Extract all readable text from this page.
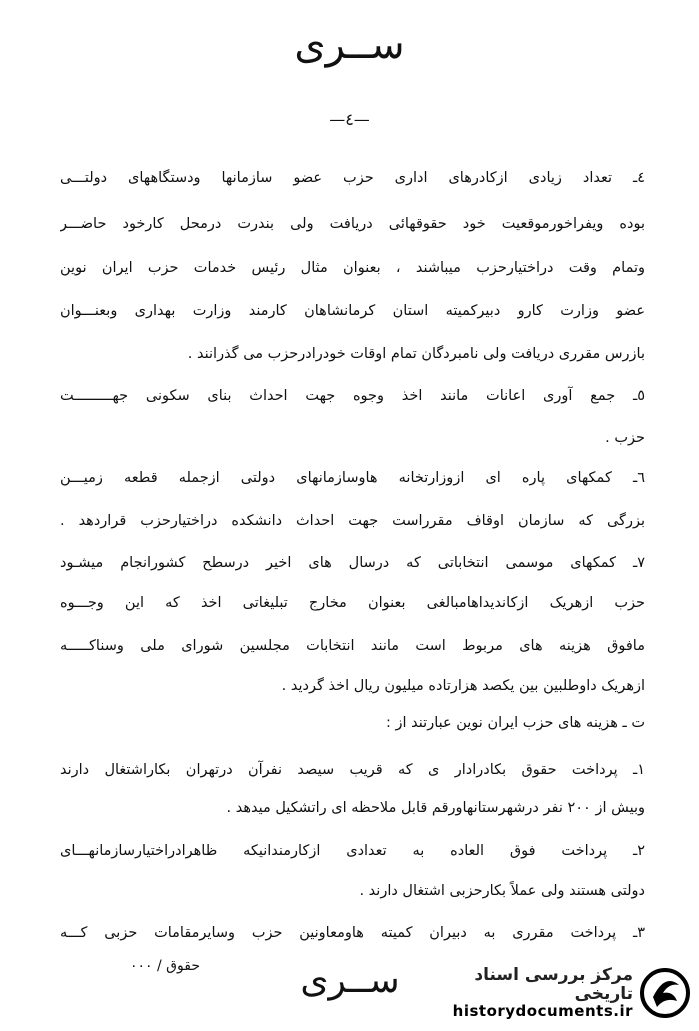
ســری
—٤—
٤ـ تعداد زیادی ازکادرهای اداری حزب عضو سازمانها ودستگاههای دولتـــی
بوده ویفراخورموقعیت خود حقوقهائی دریافت ولی بندرت درمحل کارخود حاضـــر
وتمام وقت دراختیارحزب میباشند ، بعنوان مثال رئیس خدمات حزب ایران نوین
عضو وزارت کارو دبیرکمیته استان کرمانشاهان کارمند وزارت بهداری وبعنـــوان
بازرس مقرری دریافت ولی نامبردگان تمام اوقات خودرادرحزب می گذرانند .
٥ـ جمع آوری اعانات مانند اخذ وجوه جهت احداث بنای سکونی جهـــــــــت
حزب .
٦ـ کمکهای پاره ای ازوزارتخانه هاوسازمانهای دولتی ازجمله قطعه زمیـــن
بزرگی که سازمان اوقاف مقرراست جهت احداث دانشکده دراختیارحزب قراردهد .
٧ـ کمکهای موسمی انتخاباتی که درسال های اخیر درسطح کشورانجام میشـود
حزب ازهریک ازکاندیداهامبالغی بعنوان مخارج تبلیغاتی اخذ که این وجـــوه
مافوق هزینه های مربوط است مانند انتخابات مجلسین شورای ملی وسناکـــــه
ازهریک داوطلبین بین یکصد هزارتاده میلیون ریال اخذ گردید .
ت ـ هزینه های حزب ایران نوین عبارتند از :
١ـ پرداخت حقوق بکادرادار ی که قریب سیصد نفرآن درتهران بکاراشتغال دارند
وبیش از ٢٠٠ نفر درشهرستانهاورقم قابل ملاحظه ای راتشکیل میدهد .
٢ـ پرداخت فوق العاده به تعدادی ازکارمندانیکه ظاهرادراختیارسازمانهـــای
دولتی هستند ولی عملاً بکارحزبی اشتغال دارند .
٣ـ پرداخت مقرری به دبیران کمیته هاومعاونین حزب وسایرمقامات حزبی کـــه
حقوق / ٠٠٠	ســری	مرکز بررسی اسناد تاریخی
historydocuments.ir
